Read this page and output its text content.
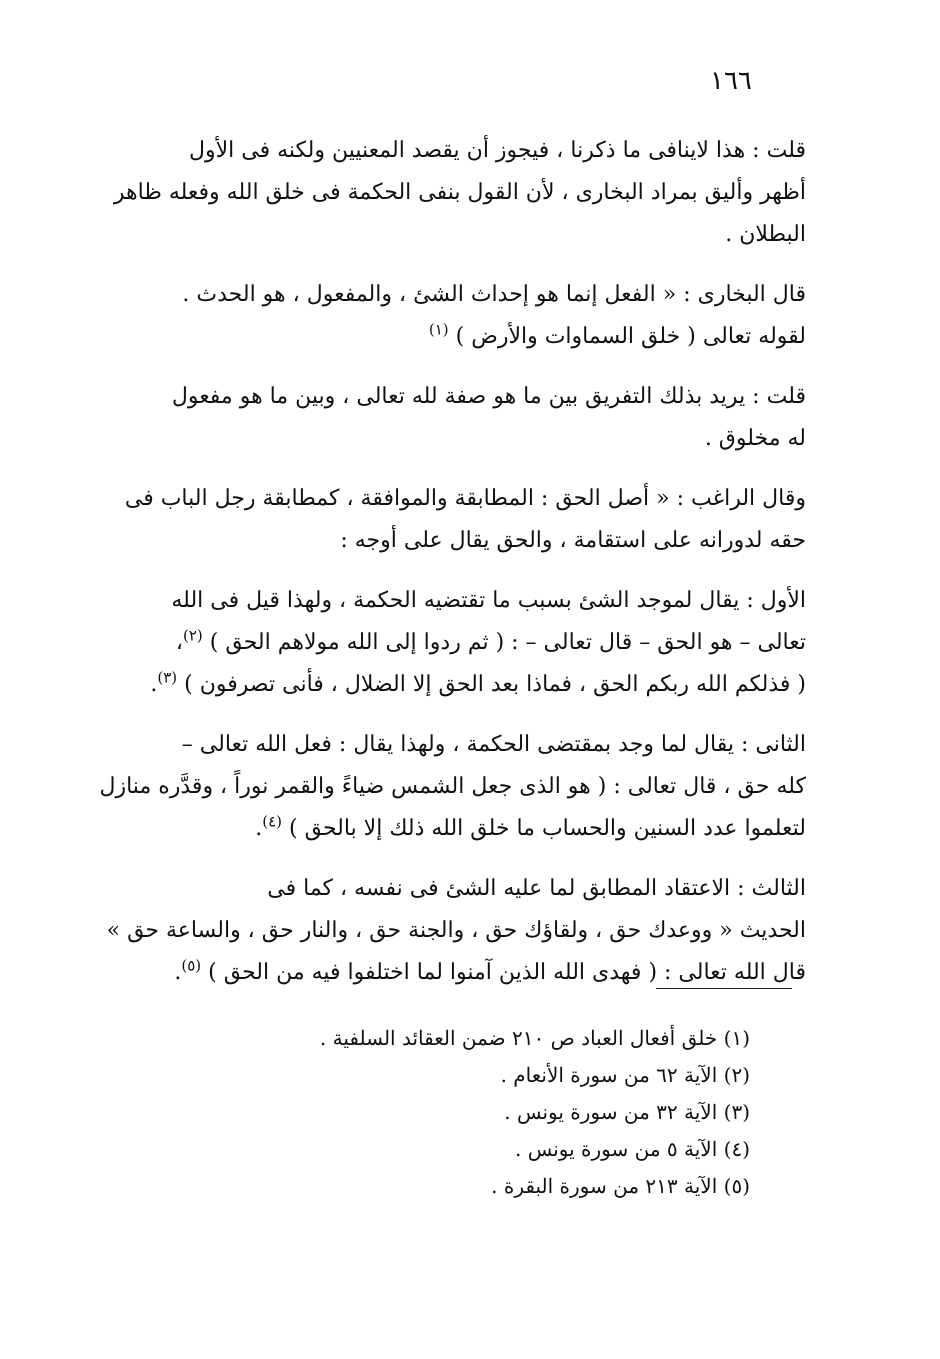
١٦٦

قلت : هذا لاينافى ما ذكرنا ، فيجوز أن يقصد المعنيين ولكنه فى الأول
أظهر وأليق بمراد البخارى ، لأن القول بنفى الحكمة فى خلق الله وفعله ظاهر
البطلان .

قال البخارى : « الفعل إنما هو إحداث الشئ ، والمفعول ، هو الحدث .
لقوله تعالى ( خلق السماوات والأرض ) $^{(١)}$

قلت : يريد بذلك التفريق بين ما هو صفة لله تعالى ، وبين ما هو مفعول
له مخلوق .

وقال الراغب : « أصل الحق : المطابقة والموافقة ، كمطابقة رجل الباب فى
حقه لدورانه على استقامة ، والحق يقال على أوجه :

الأول : يقال لموجد الشئ بسبب ما تقتضيه الحكمة ، ولهذا قيل فى الله
تعالى – هو الحق – قال تعالى – : ( ثم ردوا إلى الله مولاهم الحق ) $^{(٢)}$،
( فذلكم الله ربكم الحق ، فماذا بعد الحق إلا الضلال ، فأنى تصرفون ) $^{(٣)}$ .

الثانى : يقال لما وجد بمقتضى الحكمة ، ولهذا يقال : فعل الله تعالى –
كله حق ، قال تعالى : ( هو الذى جعل الشمس ضياءً والقمر نوراً ، وقدَّره منازل
لتعلموا عدد السنين والحساب ما خلق الله ذلك إلا بالحق ) $^{(٤)}$ .

الثالث : الاعتقاد المطابق لما عليه الشئ فى نفسه ، كما فى
الحديث « ووعدك حق ، ولقاؤك حق ، والجنة حق ، والنار حق ، والساعة حق »
قال الله تعالى : ( فهدى الله الذين آمنوا لما اختلفوا فيه من الحق ) $^{(٥)}$ .

(١) خلق أفعال العباد ص ٢١٠ ضمن العقائد السلفية .
(٢) الآية ٦٢ من سورة الأنعام .
(٣) الآية ٣٢ من سورة يونس .
(٤) الآية ٥ من سورة يونس .
(٥) الآية ٢١٣ من سورة البقرة .
